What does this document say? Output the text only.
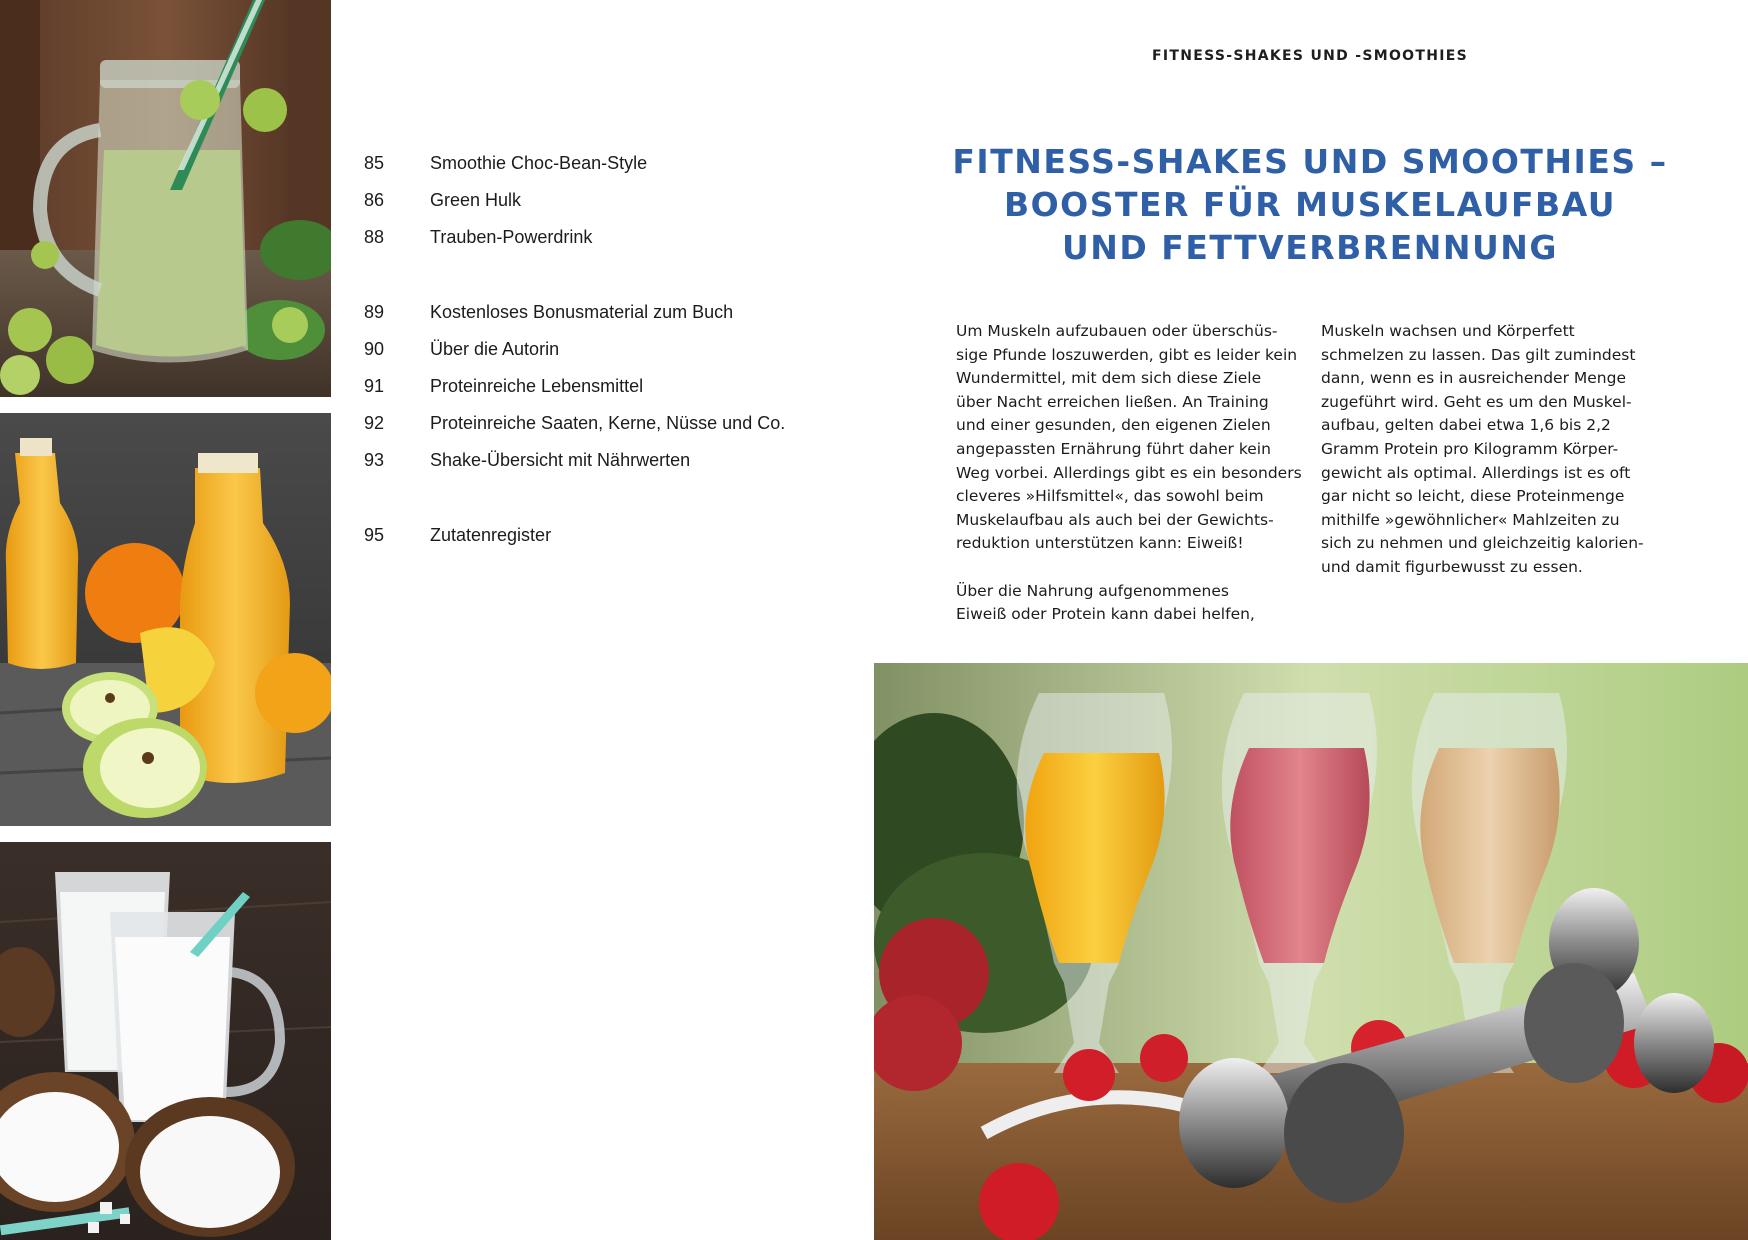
85	Smoothie Choc-Bean-Style
86	Green Hulk
88	Trauben-Powerdrink
89	Kostenloses Bonusmaterial zum Buch
90	Über die Autorin
91	Proteinreiche Lebensmittel
92	Proteinreiche Saaten, Kerne, Nüsse und Co.
93	Shake-Übersicht mit Nährwerten
95	Zutatenregister
FITNESS-SHAKES UND -SMOOTHIES
FITNESS-SHAKES UND SMOOTHIES –
BOOSTER FÜR MUSKELAUFBAU
UND FETTVERBRENNUNG
Um Muskeln aufzubauen oder überschüs-
sige Pfunde loszuwerden, gibt es leider kein
Wundermittel, mit dem sich diese Ziele
über Nacht erreichen ließen. An Training
und einer gesunden, den eigenen Zielen
angepassten Ernährung führt daher kein
Weg vorbei. Allerdings gibt es ein besonders
cleveres »Hilfsmittel«, das sowohl beim
Muskelaufbau als auch bei der Gewichts-
reduktion unterstützen kann: Eiweiß!
Über die Nahrung aufgenommenes
Eiweiß oder Protein kann dabei helfen,
Muskeln wachsen und Körperfett
schmelzen zu lassen. Das gilt zumindest
dann, wenn es in ausreichender Menge
zugeführt wird. Geht es um den Muskel-
aufbau, gelten dabei etwa 1,6 bis 2,2
Gramm Protein pro Kilogramm Körper-
gewicht als optimal. Allerdings ist es oft
gar nicht so leicht, diese Proteinmenge
mithilfe »gewöhnlicher« Mahlzeiten zu
sich zu nehmen und gleichzeitig kalorien-
und damit figurbewusst zu essen.
